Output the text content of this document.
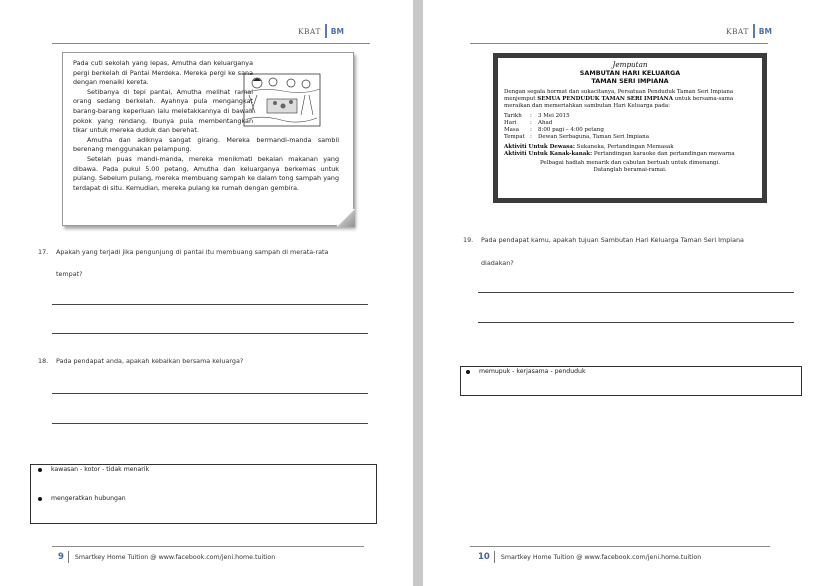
KBAT BM

Pada cuti sekolah yang lepas, Amutha dan keluarganya pergi berkelah di Pantai Merdeka. Mereka pergi ke sana dengan menaiki kereta.

Setibanya di tepi pantai, Amutha melihat ramai orang sedang berkelah. Ayahnya pula mengangkat barang-barang keperluan lalu meletakkannya di bawah pokok yang rendang. Ibunya pula membentangkan tikar untuk mereka duduk dan berehat.

Amutha dan adiknya sangat girang. Mereka bermandi-manda sambil berenang menggunakan pelampung.

Setelah puas mandi-manda, mereka menikmati bekalan makanan yang dibawa. Pada pukul 5.00 petang, Amutha dan keluarganya berkemas untuk pulang. Sebelum pulang, mereka membuang sampah ke dalam tong sampah yang terdapat di situ. Kemudian, mereka pulang ke rumah dengan gembira.

17. Apakah yang terjadi jika pengunjung di pantai itu membuang sampah di merata-rata
tempat?
18. Pada pendapat anda, apakah kebaikan bersama keluarga?
kawasan - kotor - tidak menarik
mengeratkan hubungan
9 Smartkey Home Tuition @ www.facebook.com/jeni.home.tuition
KBAT BM
Jemputan
SAMBUTAN HARI KELUARGA
TAMAN SERI IMPIANA
Dengan segala hormat dan sukacitanya, Persatuan Penduduk Taman Seri Impiana menjemput SEMUA PENDUDUK TAMAN SERI IMPIANA untuk bersama-sama meraikan dan memeriahkan sambutan Hari Keluarga pada:
Tarikh	:	3 Mei 2015
Hari	:	Ahad
Masa	:	8:00 pagi – 4:00 petang
Tempat :	Dewan Serbaguna, Taman Seri Impiana
Aktiviti Untuk Dewasa: Sukaneka, Pertandingan Memasak
Aktiviti Untuk Kanak-kanak: Pertandingan karaoke dan pertandingan mewarna
Pelbagai hadiah menarik dan cabutan bertuah untuk dimenangi.
Datanglah beramai-ramai.
19. Pada pendapat kamu, apakah tujuan Sambutan Hari Keluarga Taman Seri Impiana
diadakan?
memupuk - kerjasama - penduduk
10 Smartkey Home Tuition @ www.facebook.com/jeni.home.tuition
